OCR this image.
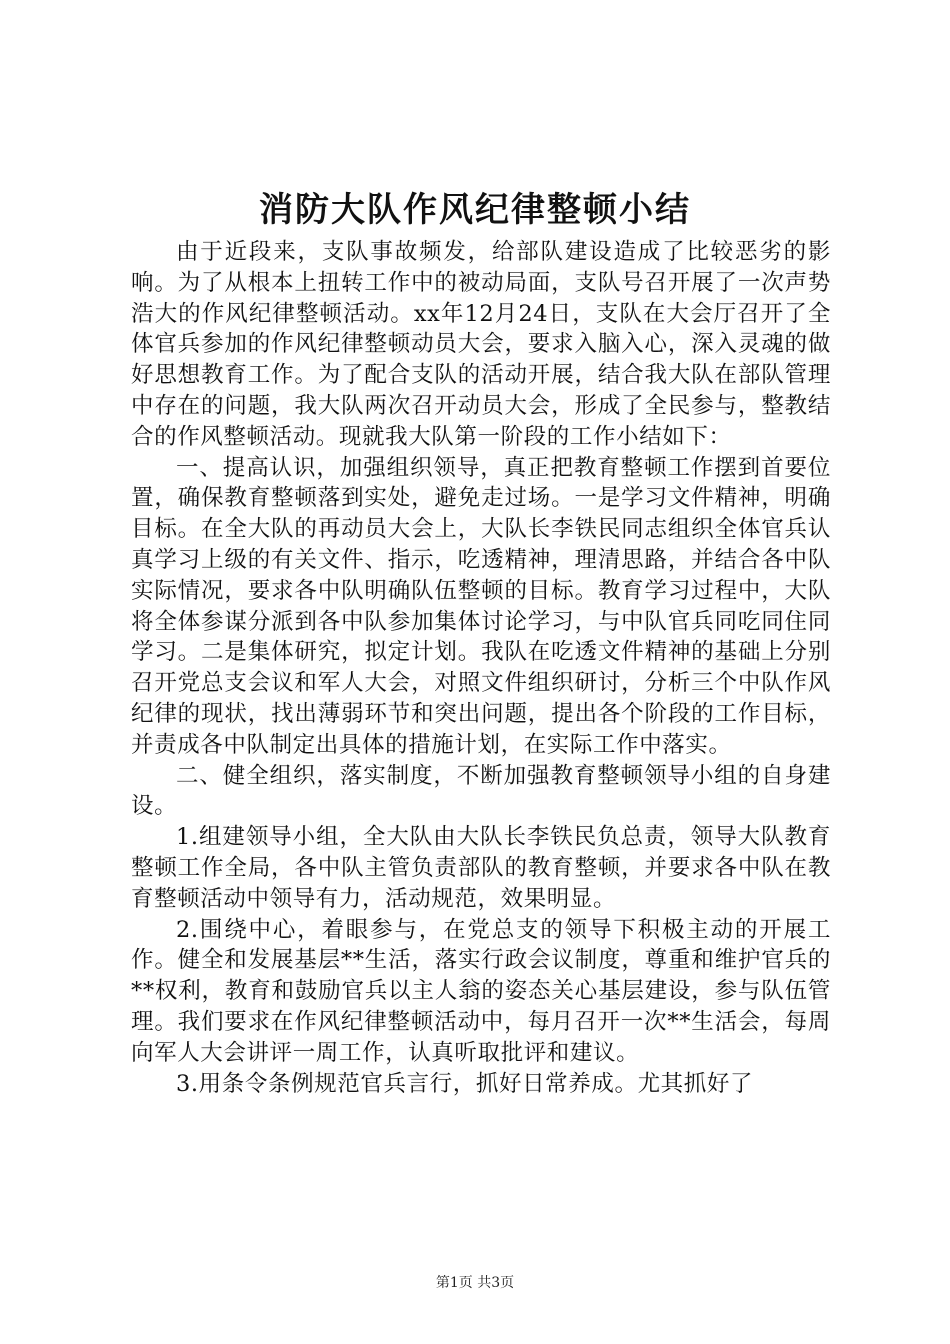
消防大队作风纪律整顿小结

由于近段来，支队事故频发，给部队建设造成了比较恶劣的影响。为了从根本上扭转工作中的被动局面，支队号召开展了一次声势浩大的作风纪律整顿活动。xx年12月24日，支队在大会厅召开了全体官兵参加的作风纪律整顿动员大会，要求入脑入心，深入灵魂的做好思想教育工作。为了配合支队的活动开展，结合我大队在部队管理中存在的问题，我大队两次召开动员大会，形成了全民参与，整教结合的作风整顿活动。现就我大队第一阶段的工作小结如下：

一、提高认识，加强组织领导，真正把教育整顿工作摆到首要位置，确保教育整顿落到实处，避免走过场。一是学习文件精神，明确目标。在全大队的再动员大会上，大队长李铁民同志组织全体官兵认真学习上级的有关文件、指示，吃透精神，理清思路，并结合各中队实际情况，要求各中队明确队伍整顿的目标。教育学习过程中，大队将全体参谋分派到各中队参加集体讨论学习，与中队官兵同吃同住同学习。二是集体研究，拟定计划。我队在吃透文件精神的基础上分别召开党总支会议和军人大会，对照文件组织研讨，分析三个中队作风纪律的现状，找出薄弱环节和突出问题，提出各个阶段的工作目标，并责成各中队制定出具体的措施计划，在实际工作中落实。

二、健全组织，落实制度，不断加强教育整顿领导小组的自身建设。

1.组建领导小组，全大队由大队长李铁民负总责，领导大队教育整顿工作全局，各中队主管负责部队的教育整顿，并要求各中队在教育整顿活动中领导有力，活动规范，效果明显。

2.围绕中心，着眼参与，在党总支的领导下积极主动的开展工作。健全和发展基层**生活，落实行政会议制度，尊重和维护官兵的**权利，教育和鼓励官兵以主人翁的姿态关心基层建设，参与队伍管理。我们要求在作风纪律整顿活动中，每月召开一次**生活会，每周向军人大会讲评一周工作，认真听取批评和建议。

3.用条令条例规范官兵言行，抓好日常养成。尤其抓好了

第1页 共3页
